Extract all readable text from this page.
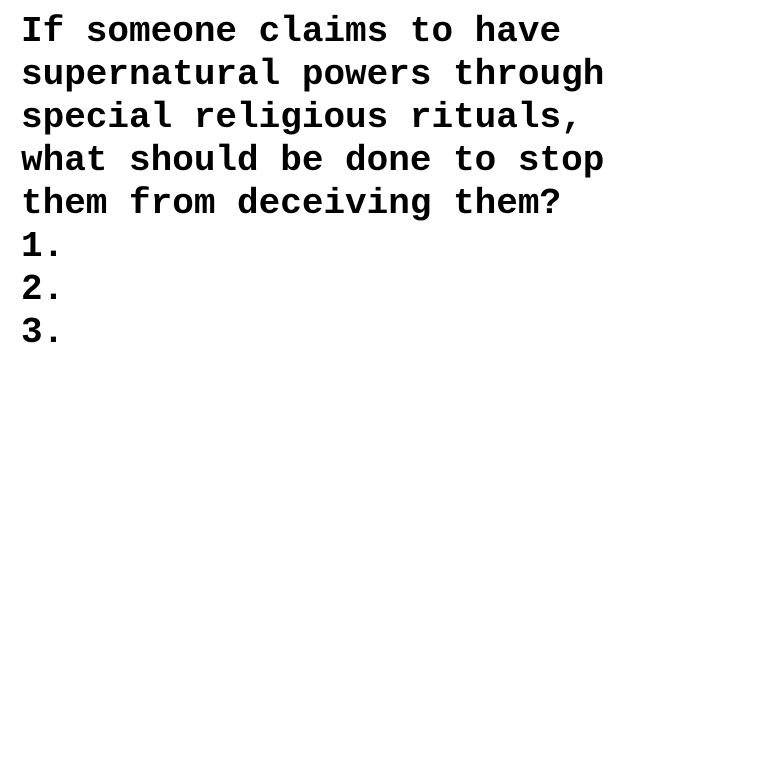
If someone claims to have
supernatural powers through
special religious rituals,
what should be done to stop
them from deceiving them?
1.
2.
3.
